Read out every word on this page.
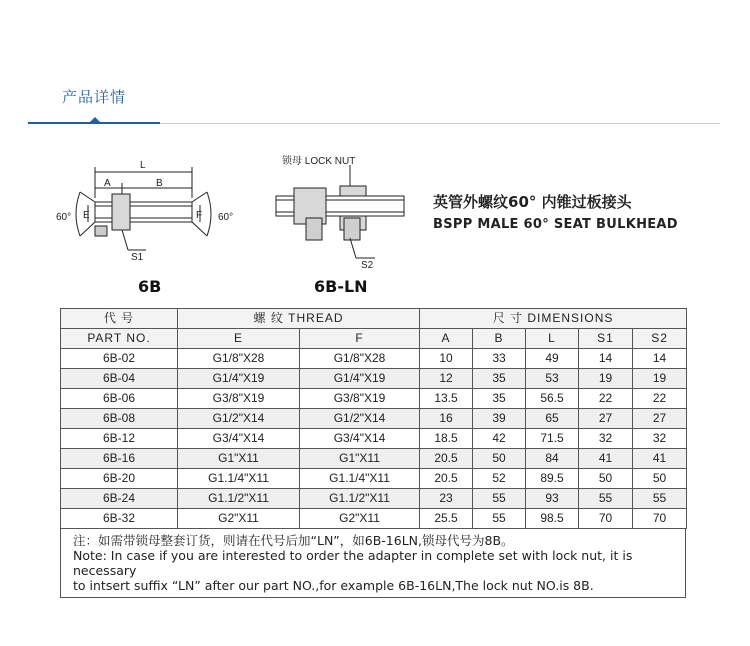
产品详情
L
A	B
E	F
60°	60°
S1
6B
锁母 LOCK NUT
S2
6B-LN
英管外螺纹60° 内锥过板接头
BSPP MALE 60° SEAT BULKHEAD
代 号	螺 纹 THREAD		尺 寸 DIMENSIONS				
PART NO.	E	F	A	B	L	S1	S2
6B-02	G1/8"X28	G1/8"X28	10	33	49	14	14
6B-04	G1/4"X19	G1/4"X19	12	35	53	19	19
6B-06	G3/8"X19	G3/8"X19	13.5	35	56.5	22	22
6B-08	G1/2"X14	G1/2"X14	16	39	65	27	27
6B-12	G3/4"X14	G3/4"X14	18.5	42	71.5	32	32
6B-16	G1"X11	G1"X11	20.5	50	84	41	41
6B-20	G1.1/4"X11	G1.1/4"X11	20.5	52	89.5	50	50
6B-24	G1.1/2"X11	G1.1/2"X11	23	55	93	55	55
6B-32	G2"X11	G2"X11	25.5	55	98.5	70	70
注：如需带锁母整套订货，则请在代号后加“LN”，如6B-16LN,锁母代号为8B。
Note: In case if you are interested to order the adapter in complete set with lock nut, it is necessary
to intsert suffix “LN” after our part NO.,for example 6B-16LN,The lock nut NO.is 8B.
